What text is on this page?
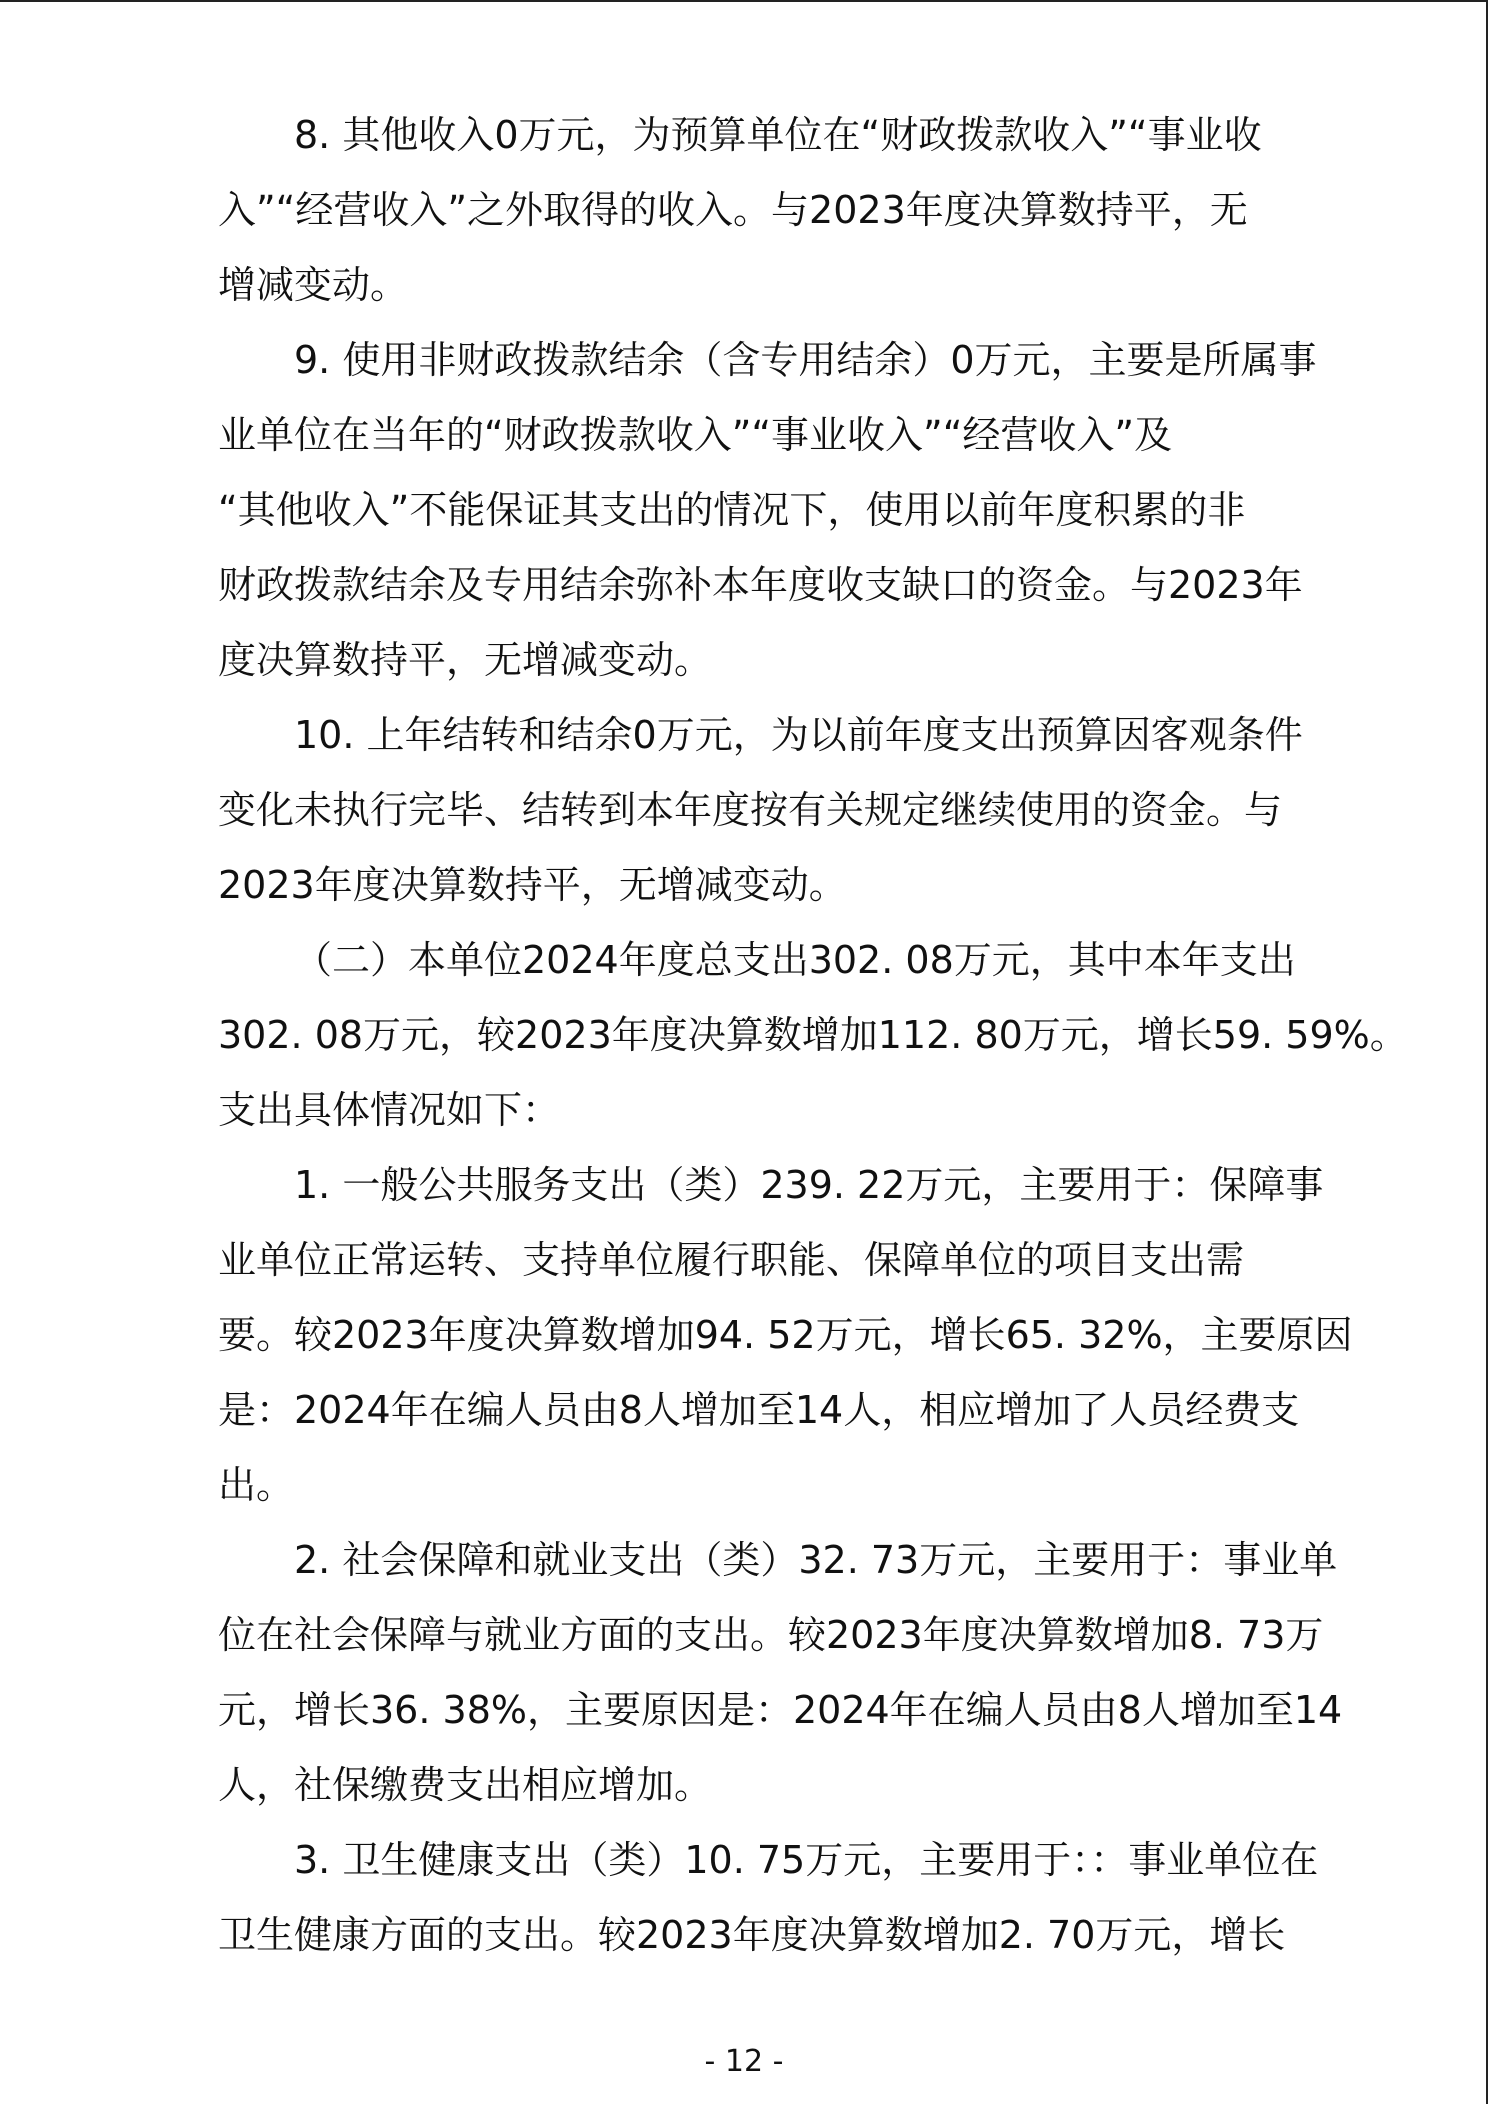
8. 其他收入0万元，为预算单位在“财政拨款收入”“事业收
入”“经营收入”之外取得的收入。与2023年度决算数持平，无
增减变动。
9. 使用非财政拨款结余（含专用结余）0万元，主要是所属事
业单位在当年的“财政拨款收入”“事业收入”“经营收入”及
“其他收入”不能保证其支出的情况下，使用以前年度积累的非
财政拨款结余及专用结余弥补本年度收支缺口的资金。与2023年
度决算数持平，无增减变动。
10. 上年结转和结余0万元，为以前年度支出预算因客观条件
变化未执行完毕、结转到本年度按有关规定继续使用的资金。与
2023年度决算数持平，无增减变动。
（二）本单位2024年度总支出302. 08万元，其中本年支出
302. 08万元，较2023年度决算数增加112. 80万元，增长59. 59%。
支出具体情况如下：
1. 一般公共服务支出（类）239. 22万元，主要用于：保障事
业单位正常运转、支持单位履行职能、保障单位的项目支出需
要。较2023年度决算数增加94. 52万元，增长65. 32%，主要原因
是：2024年在编人员由8人增加至14人，相应增加了人员经费支
出。
2. 社会保障和就业支出（类）32. 73万元，主要用于：事业单
位在社会保障与就业方面的支出。较2023年度决算数增加8. 73万
元，增长36. 38%，主要原因是：2024年在编人员由8人增加至14
人，社保缴费支出相应增加。
3. 卫生健康支出（类）10. 75万元，主要用于：：事业单位在
卫生健康方面的支出。较2023年度决算数增加2. 70万元，增长
- 12 -
